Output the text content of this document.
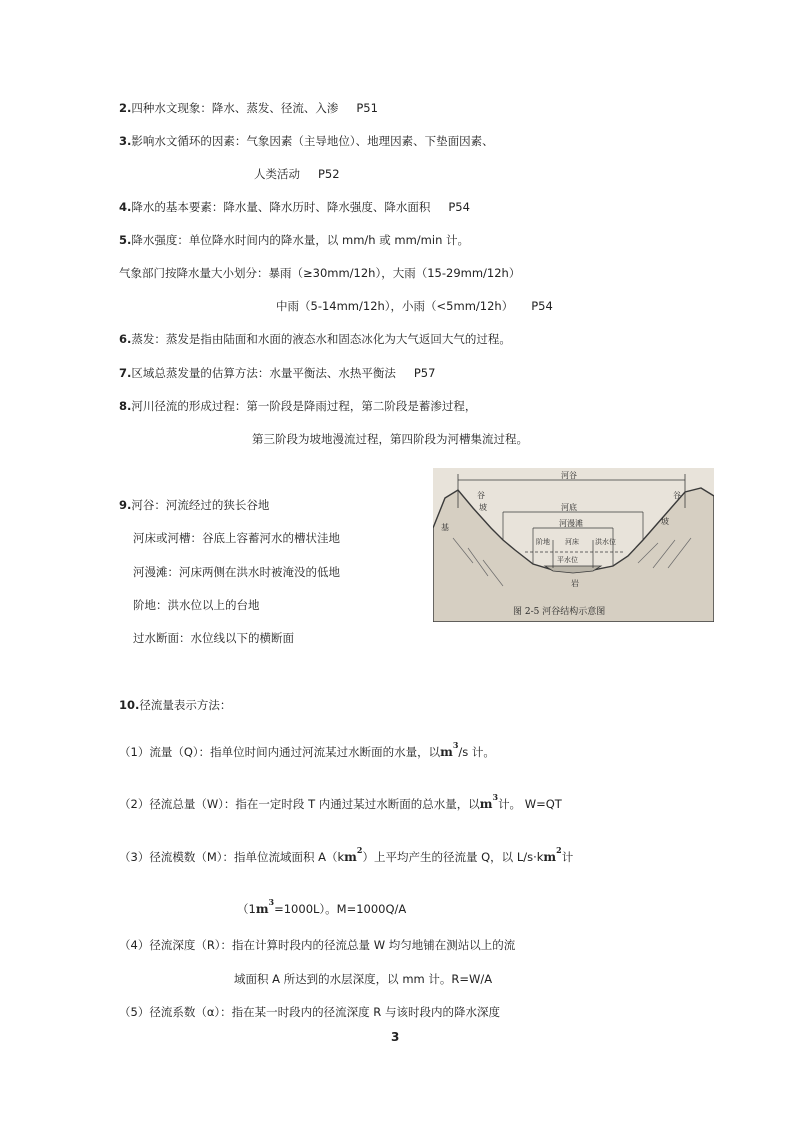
2.四种水文现象：降水、蒸发、径流、入渗 P51
3.影响水文循环的因素：气象因素（主导地位）、地理因素、下垫面因素、
人类活动 P52
4.降水的基本要素：降水量、降水历时、降水强度、降水面积 P54
5.降水强度：单位降水时间内的降水量，以 mm/h 或 mm/min 计。
气象部门按降水量大小划分：暴雨（≥30mm/12h），大雨（15-29mm/12h）
中雨（5-14mm/12h），小雨（<5mm/12h） P54
6.蒸发：蒸发是指由陆面和水面的液态水和固态冰化为大气返回大气的过程。
7.区域总蒸发量的估算方法：水量平衡法、水热平衡法 P57
8.河川径流的形成过程：第一阶段是降雨过程，第二阶段是蓄渗过程，
第三阶段为坡地漫流过程，第四阶段为河槽集流过程。
9.河谷：河流经过的狭长谷地
河床或河槽：谷底上容蓄河水的槽状洼地
河漫滩：河床两侧在洪水时被淹没的低地
阶地：洪水位以上的台地
过水断面：水位线以下的横断面
河谷
河底
河漫滩
阶地 河床 洪水位
平水位
坡
坡
谷	谷
基
岩
图 2-5 河谷结构示意图
10.径流量表示方法：
（1）流量（Q）：指单位时间内通过河流某过水断面的水量，以$m^3/s$ 计。
（2）径流总量（W）：指在一定时段 T 内通过某过水断面的总水量，以$m^3$计。 W=QT
（3）径流模数（M）：指单位流域面积 $A(km^2)$上平均产生的径流量 Q，以 $L/s\cdot km^2$计
$(1m^3=1000L)$。M=1000Q/A
（4）径流深度（R）：指在计算时段内的径流总量 W 均匀地铺在测站以上的流
域面积 A 所达到的水层深度，以 mm 计。R=W/A
（5）径流系数（α）：指在某一时段内的径流深度 R 与该时段内的降水深度
3
